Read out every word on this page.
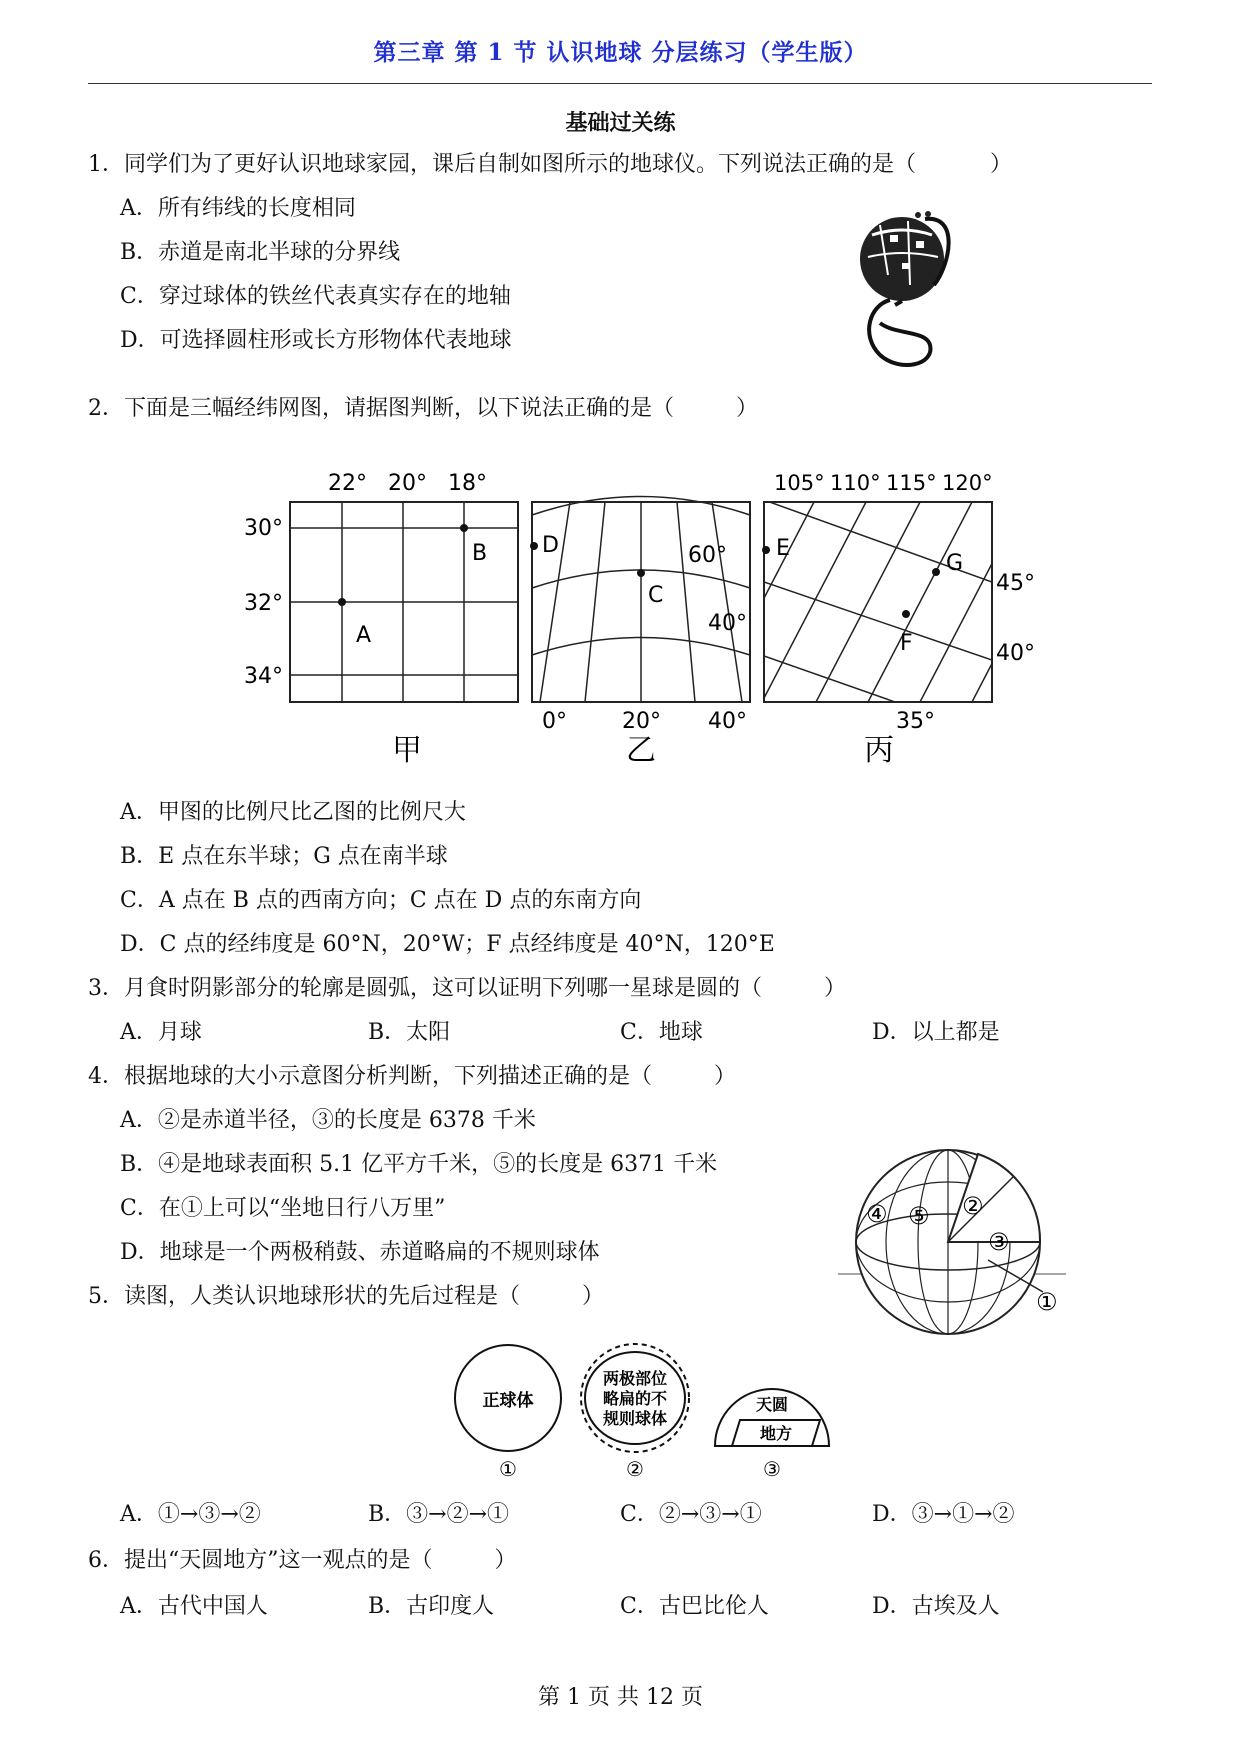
第三章 第 1 节 认识地球 分层练习（学生版）
基础过关练
1．同学们为了更好认识地球家园，课后自制如图所示的地球仪。下列说法正确的是（	）
A．所有纬线的长度相同
B．赤道是南北半球的分界线
C．穿过球体的铁丝代表真实存在的地轴
D．可选择圆柱形或长方形物体代表地球
2．下面是三幅经纬网图，请据图判断，以下说法正确的是（	）
22° 20° 18°
30°
32°
34°
A
B
甲
D
C
60°
40°
0°	20° 40°
乙
E
G
F
105° 110° 115° 120°
45°
40°
35°
丙
A．甲图的比例尺比乙图的比例尺大
B．E 点在东半球；G 点在南半球
C．A 点在 B 点的西南方向；C 点在 D 点的东南方向
D．C 点的经纬度是 60°N，20°W；F 点经纬度是 40°N，120°E
3．月食时阴影部分的轮廓是圆弧，这可以证明下列哪一星球是圆的（	）
A．月球	B．太阳	C．地球	D．以上都是
4．根据地球的大小示意图分析判断，下列描述正确的是（	）
A．②是赤道半径，③的长度是 6378 千米
B．④是地球表面积 5.1 亿平方千米，⑤的长度是 6371 千米
C．在①上可以“坐地日行八万里”
D．地球是一个两极稍鼓、赤道略扁的不规则球体
④ ⑤ ②
③
①
5．读图，人类认识地球形状的先后过程是（	）
正球体
①
两极部位
略扁的不
规则球体
②
天圆
地方
③
A．①→③→②	B．③→②→①	C．②→③→①	D．③→①→②
6．提出“天圆地方”这一观点的是（	）
A．古代中国人	B．古印度人	C．古巴比伦人	D．古埃及人
第 1 页 共 12 页
